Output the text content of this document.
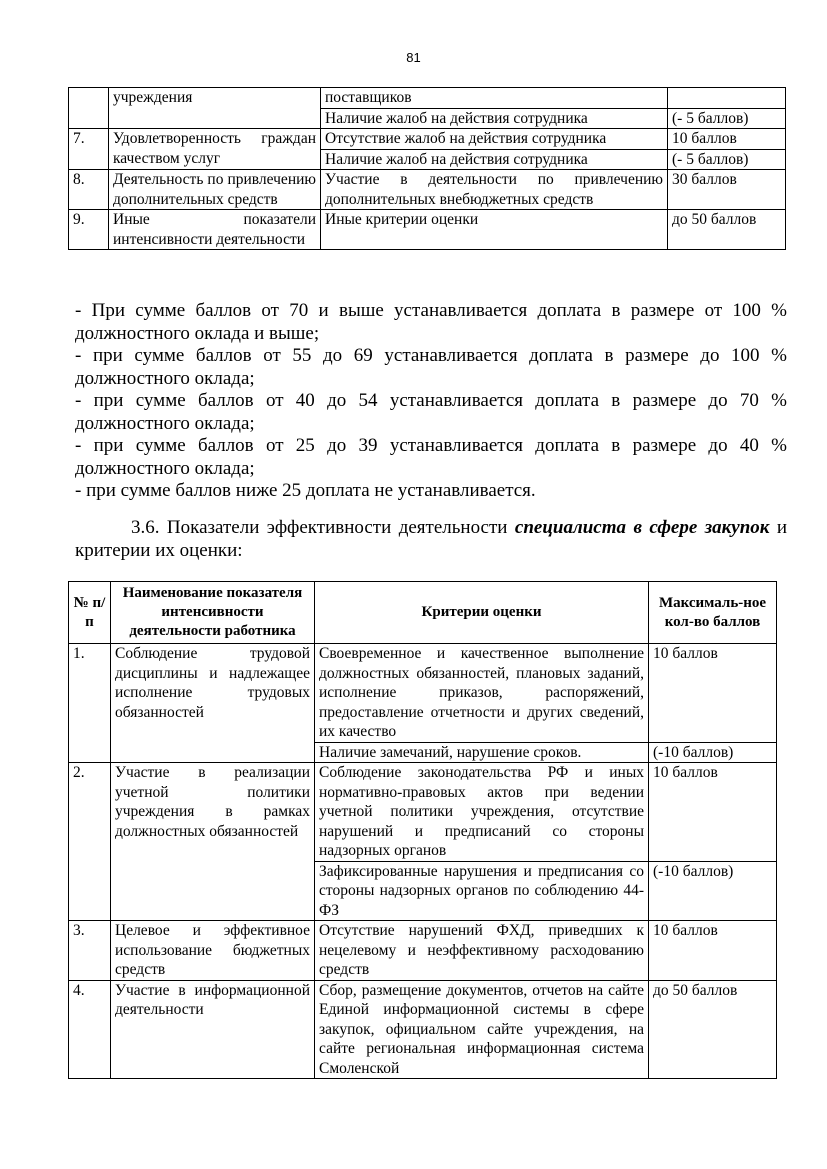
81
	учреждения	поставщиков	
		Наличие жалоб на действия сотрудника	(- 5 баллов)
7.	Удовлетворенность граждан качеством услуг	Отсутствие жалоб на действия сотрудника	10 баллов
		Наличие жалоб на действия сотрудника	(- 5 баллов)
8.	Деятельность по привлечению дополнительных средств	Участие в деятельности по привлечению дополнительных внебюджетных средств	30 баллов
9.	Иные показатели интенсивности деятельности	Иные критерии оценки	до 50 баллов

- При сумме баллов от 70 и выше устанавливается доплата в размере от 100 % должностного оклада и выше;

- при сумме баллов от 55 до 69 устанавливается доплата в размере до 100 % должностного оклада;

- при сумме баллов от 40 до 54 устанавливается доплата в размере до 70 % должностного оклада;

- при сумме баллов от 25 до 39 устанавливается доплата в размере до 40 % должностного оклада;

- при сумме баллов ниже 25 доплата не устанавливается.

3.6. Показатели эффективности деятельности специалиста в сфере закупок и критерии их оценки:

№ п/п	Наименование показателя интенсивности деятельности работника	Критерии оценки	Максималь-ное кол-во баллов
1.	Соблюдение трудовой дисциплины и надлежащее исполнение трудовых обязанностей	Своевременное и качественное выполнение должностных обязанностей, плановых заданий, исполнение приказов, распоряжений, предоставление отчетности и других сведений, их качество	10 баллов
		Наличие замечаний, нарушение сроков.	(-10 баллов)
2.	Участие в реализации учетной политики учреждения в рамках должностных обязанностей	Соблюдение законодательства РФ и иных нормативно-правовых актов при ведении учетной политики учреждения, отсутствие нарушений и предписаний со стороны надзорных органов	10 баллов
		Зафиксированные нарушения и предписания со стороны надзорных органов по соблюдению 44-ФЗ	(-10 баллов)
3.	Целевое и эффективное использование бюджетных средств	Отсутствие нарушений ФХД, приведших к нецелевому и неэффективному расходованию средств	10 баллов
4.	Участие в информационной деятельности	Сбор, размещение документов, отчетов на сайте Единой информационной системы в сфере закупок, официальном сайте учреждения, на сайте региональная информационная система Смоленской	до 50 баллов
